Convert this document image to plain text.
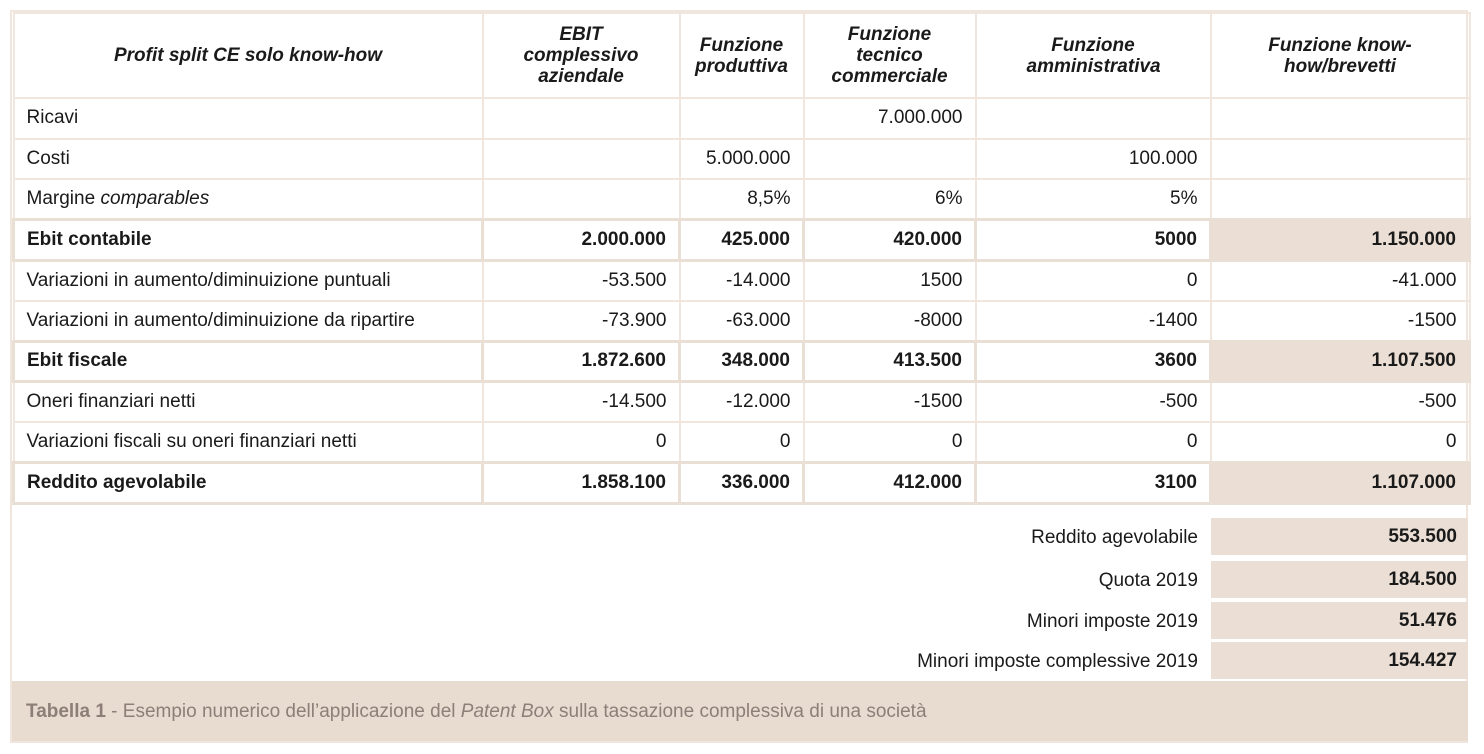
Profit split CE solo know-how	EBIT complessivo aziendale	Funzione produttiva	Funzione tecnico commerciale	Funzione amministrativa	Funzione know-how/brevetti
Ricavi			7.000.000		
Costi		5.000.000		100.000	
Margine comparables		8,5%	6%	5%	
Ebit contabile	2.000.000	425.000	420.000	5000	1.150.000
Variazioni in aumento/diminuizione puntuali	-53.500	-14.000	1500	0	-41.000
Variazioni in aumento/diminuizione da ripartire	-73.900	-63.000	-8000	-1400	-1500
Ebit fiscale	1.872.600	348.000	413.500	3600	1.107.500
Oneri finanziari netti	-14.500	-12.000	-1500	-500	-500
Variazioni fiscali su oneri finanziari netti	0	0	0	0	0
Reddito agevolabile	1.858.100	336.000	412.000	3100	1.107.000
Reddito agevolabile	553.500
Quota 2019	184.500
Minori imposte 2019	51.476
Minori imposte complessive 2019	154.427
Tabella 1 - Esempio numerico dell’applicazione del Patent Box sulla tassazione complessiva di una società
